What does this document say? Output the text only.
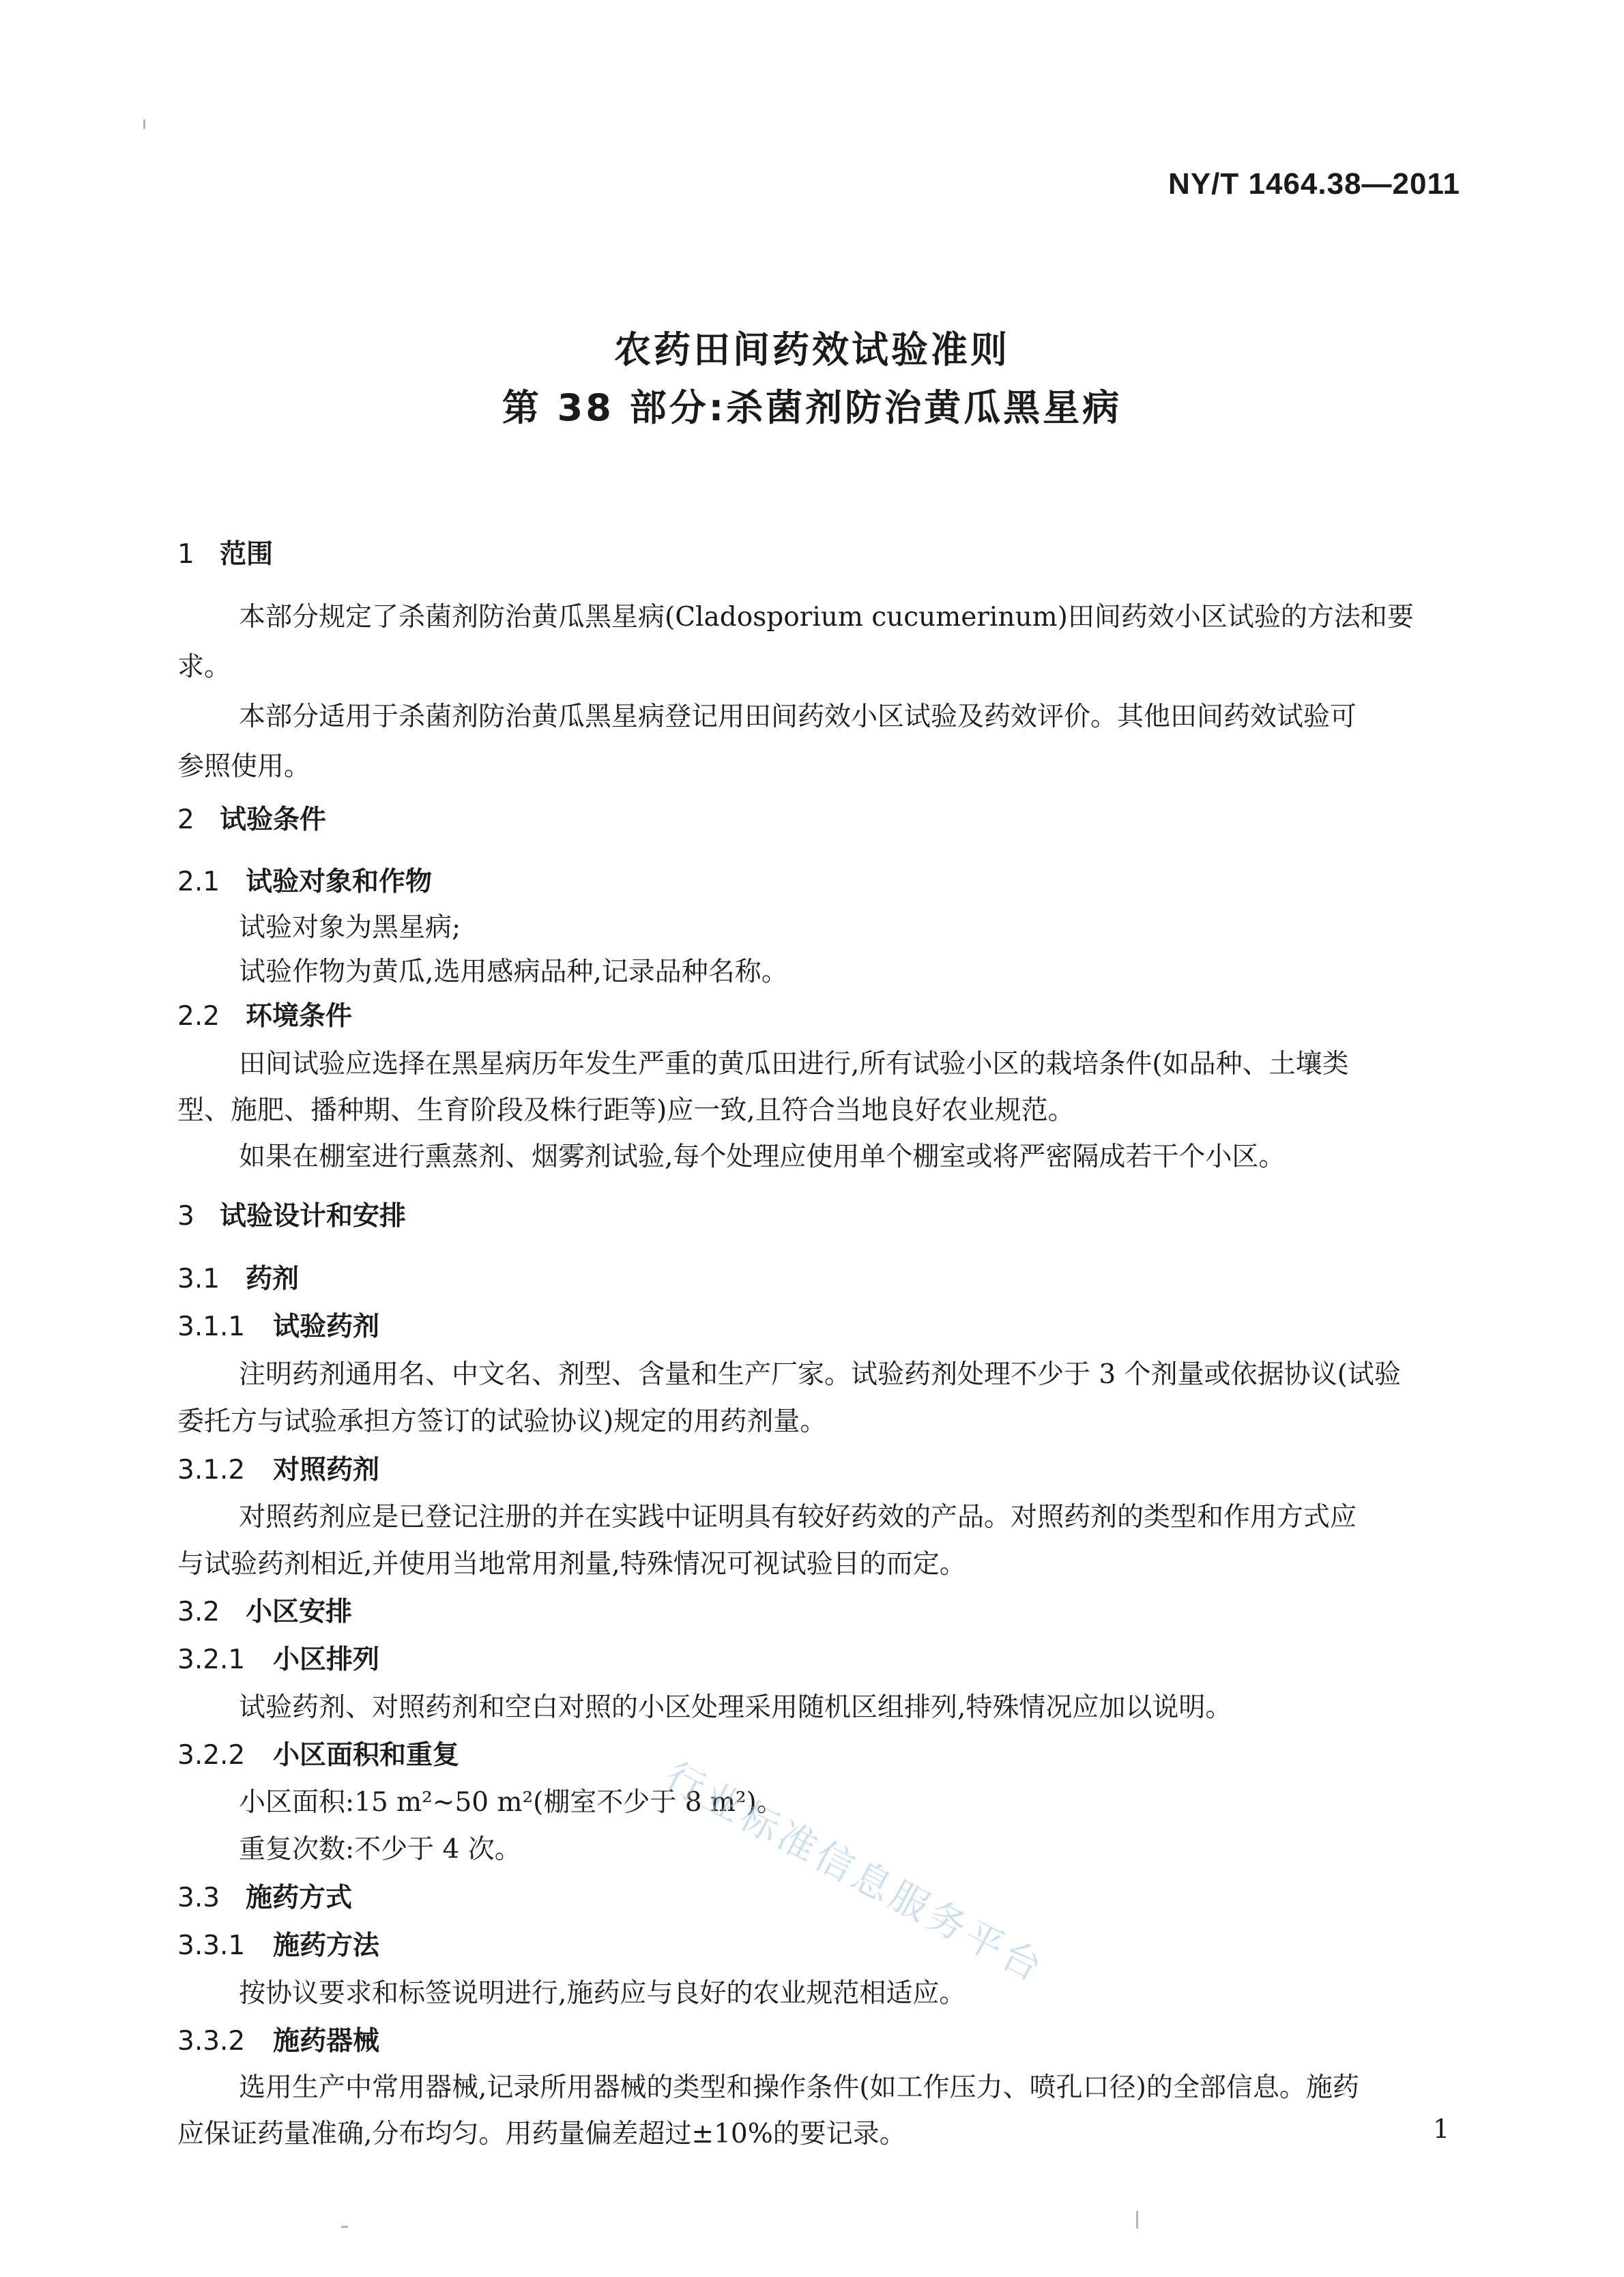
NY/T 1464.38—2011
农药田间药效试验准则
第 38 部分:杀菌剂防治黄瓜黑星病
1 范围
本部分规定了杀菌剂防治黄瓜黑星病(Cladosporium cucumerinum)田间药效小区试验的方法和要
求。
本部分适用于杀菌剂防治黄瓜黑星病登记用田间药效小区试验及药效评价。其他田间药效试验可
参照使用。
2 试验条件
2.1 试验对象和作物
试验对象为黑星病;
试验作物为黄瓜,选用感病品种,记录品种名称。
2.2 环境条件
田间试验应选择在黑星病历年发生严重的黄瓜田进行,所有试验小区的栽培条件(如品种、土壤类
型、施肥、播种期、生育阶段及株行距等)应一致,且符合当地良好农业规范。
如果在棚室进行熏蒸剂、烟雾剂试验,每个处理应使用单个棚室或将严密隔成若干个小区。
3 试验设计和安排
3.1 药剂
3.1.1 试验药剂
注明药剂通用名、中文名、剂型、含量和生产厂家。试验药剂处理不少于 3 个剂量或依据协议(试验
委托方与试验承担方签订的试验协议)规定的用药剂量。
3.1.2 对照药剂
对照药剂应是已登记注册的并在实践中证明具有较好药效的产品。对照药剂的类型和作用方式应
与试验药剂相近,并使用当地常用剂量,特殊情况可视试验目的而定。
3.2 小区安排
3.2.1 小区排列
试验药剂、对照药剂和空白对照的小区处理采用随机区组排列,特殊情况应加以说明。
3.2.2 小区面积和重复
小区面积:15 m²~50 m²(棚室不少于 8 m²)。
重复次数:不少于 4 次。
3.3 施药方式
3.3.1 施药方法
按协议要求和标签说明进行,施药应与良好的农业规范相适应。
3.3.2 施药器械
选用生产中常用器械,记录所用器械的类型和操作条件(如工作压力、喷孔口径)的全部信息。施药
应保证药量准确,分布均匀。用药量偏差超过±10%的要记录。	1
行业标准信息服务平台
